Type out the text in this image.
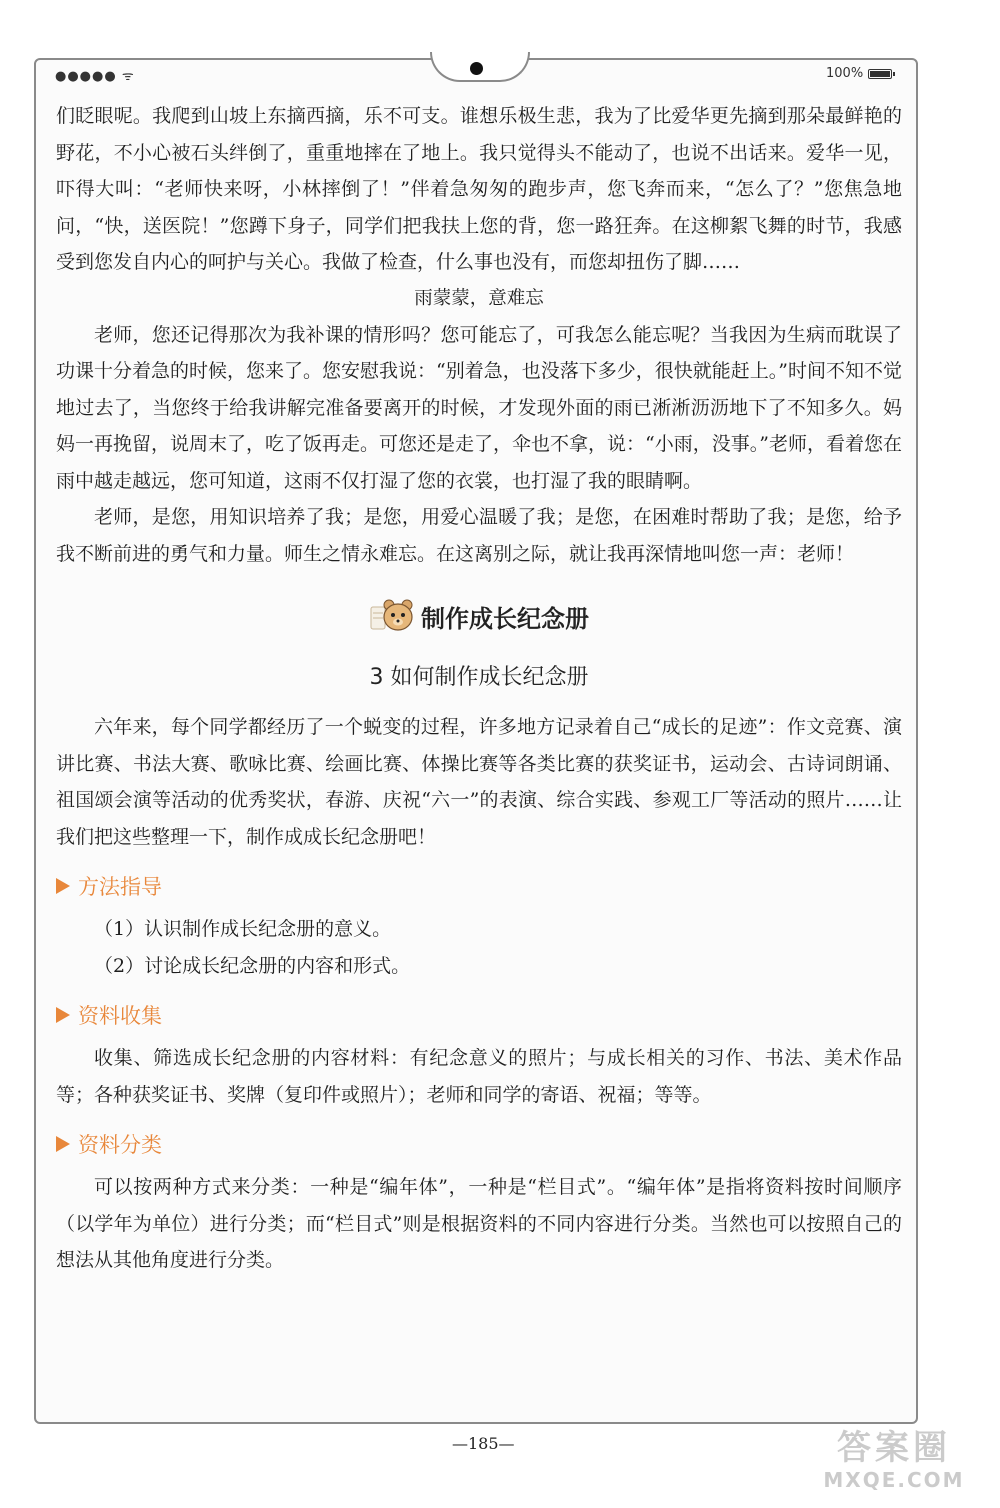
●●●●● ᯤ	100%

们眨眼呢。我爬到山坡上东摘西摘，乐不可支。谁想乐极生悲，我为了比爱华更先摘到那朵最鲜艳的野花，不小心被石头绊倒了，重重地摔在了地上。我只觉得头不能动了，也说不出话来。爱华一见，吓得大叫：“老师快来呀，小林摔倒了！”伴着急匆匆的跑步声，您飞奔而来，“怎么了？”您焦急地问，“快，送医院！”您蹲下身子，同学们把我扶上您的背，您一路狂奔。在这柳絮飞舞的时节，我感受到您发自内心的呵护与关心。我做了检查，什么事也没有，而您却扭伤了脚……

雨蒙蒙，意难忘

老师，您还记得那次为我补课的情形吗？您可能忘了，可我怎么能忘呢？当我因为生病而耽误了功课十分着急的时候，您来了。您安慰我说：“别着急，也没落下多少，很快就能赶上。”时间不知不觉地过去了，当您终于给我讲解完准备要离开的时候，才发现外面的雨已淅淅沥沥地下了不知多久。妈妈一再挽留，说周末了，吃了饭再走。可您还是走了，伞也不拿，说：“小雨，没事。”老师，看着您在雨中越走越远，您可知道，这雨不仅打湿了您的衣裳，也打湿了我的眼睛啊。

老师，是您，用知识培养了我；是您，用爱心温暖了我；是您，在困难时帮助了我；是您，给予我不断前进的勇气和力量。师生之情永难忘。在这离别之际，就让我再深情地叫您一声：老师！

制作成长纪念册
3 如何制作成长纪念册

六年来，每个同学都经历了一个蜕变的过程，许多地方记录着自己“成长的足迹”：作文竞赛、演讲比赛、书法大赛、歌咏比赛、绘画比赛、体操比赛等各类比赛的获奖证书，运动会、古诗词朗诵、祖国颂会演等活动的优秀奖状，春游、庆祝“六一”的表演、综合实践、参观工厂等活动的照片……让我们把这些整理一下，制作成成长纪念册吧！

方法指导

（1）认识制作成长纪念册的意义。

（2）讨论成长纪念册的内容和形式。

资料收集

收集、筛选成长纪念册的内容材料：有纪念意义的照片；与成长相关的习作、书法、美术作品等；各种获奖证书、奖牌（复印件或照片）；老师和同学的寄语、祝福；等等。

资料分类

可以按两种方式来分类：一种是“编年体”，一种是“栏目式”。“编年体”是指将资料按时间顺序（以学年为单位）进行分类；而“栏目式”则是根据资料的不同内容进行分类。当然也可以按照自己的想法从其他角度进行分类。

—185—	答案圈
MXQE.COM
